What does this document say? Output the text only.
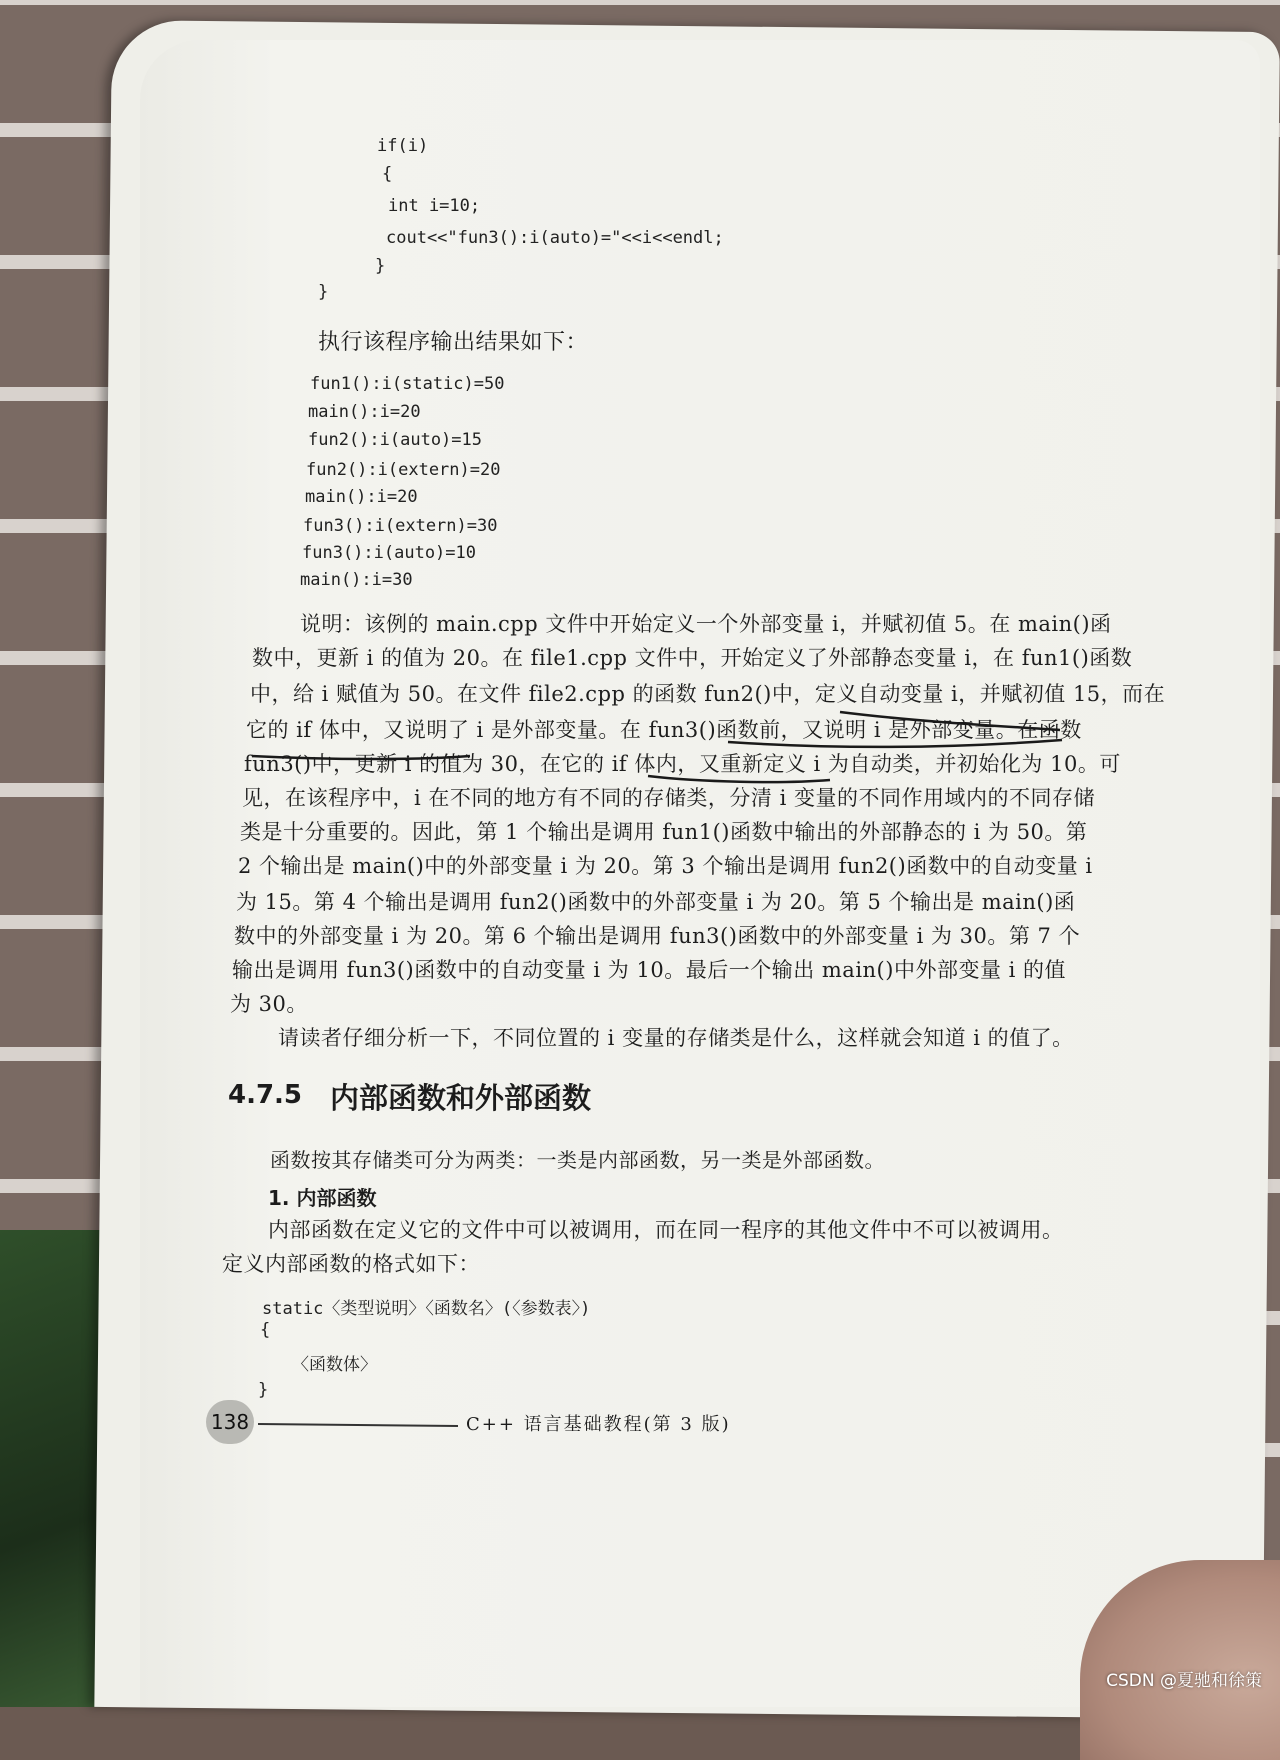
if(i)
{
int i=10;
cout<<"fun3():i(auto)="<<i<<endl;
}
}
执行该程序输出结果如下：
fun1():i(static)=50
main():i=20
fun2():i(auto)=15
fun2():i(extern)=20
main():i=20
fun3():i(extern)=30
fun3():i(auto)=10
main():i=30
说明：该例的 main.cpp 文件中开始定义一个外部变量 i，并赋初值 5。在 main()函
数中，更新 i 的值为 20。在 file1.cpp 文件中，开始定义了外部静态变量 i，在 fun1()函数
中，给 i 赋值为 50。在文件 file2.cpp 的函数 fun2()中，定义自动变量 i，并赋初值 15，而在
它的 if 体中，又说明了 i 是外部变量。在 fun3()函数前，又说明 i 是外部变量。在函数
fun3()中，更新 i 的值为 30，在它的 if 体内，又重新定义 i 为自动类，并初始化为 10。可
见，在该程序中，i 在不同的地方有不同的存储类，分清 i 变量的不同作用域内的不同存储
类是十分重要的。因此，第 1 个输出是调用 fun1()函数中输出的外部静态的 i 为 50。第
2 个输出是 main()中的外部变量 i 为 20。第 3 个输出是调用 fun2()函数中的自动变量 i
为 15。第 4 个输出是调用 fun2()函数中的外部变量 i 为 20。第 5 个输出是 main()函
数中的外部变量 i 为 20。第 6 个输出是调用 fun3()函数中的外部变量 i 为 30。第 7 个
输出是调用 fun3()函数中的自动变量 i 为 10。最后一个输出 main()中外部变量 i 的值
为 30。
请读者仔细分析一下，不同位置的 i 变量的存储类是什么，这样就会知道 i 的值了。
4.7.5 内部函数和外部函数
函数按其存储类可分为两类：一类是内部函数，另一类是外部函数。
1. 内部函数
内部函数在定义它的文件中可以被调用，而在同一程序的其他文件中不可以被调用。
定义内部函数的格式如下：
static〈类型说明〉〈函数名〉(〈参数表〉)
{
〈函数体〉
}
138	C++ 语言基础教程(第 3 版)
CSDN @夏驰和徐策
